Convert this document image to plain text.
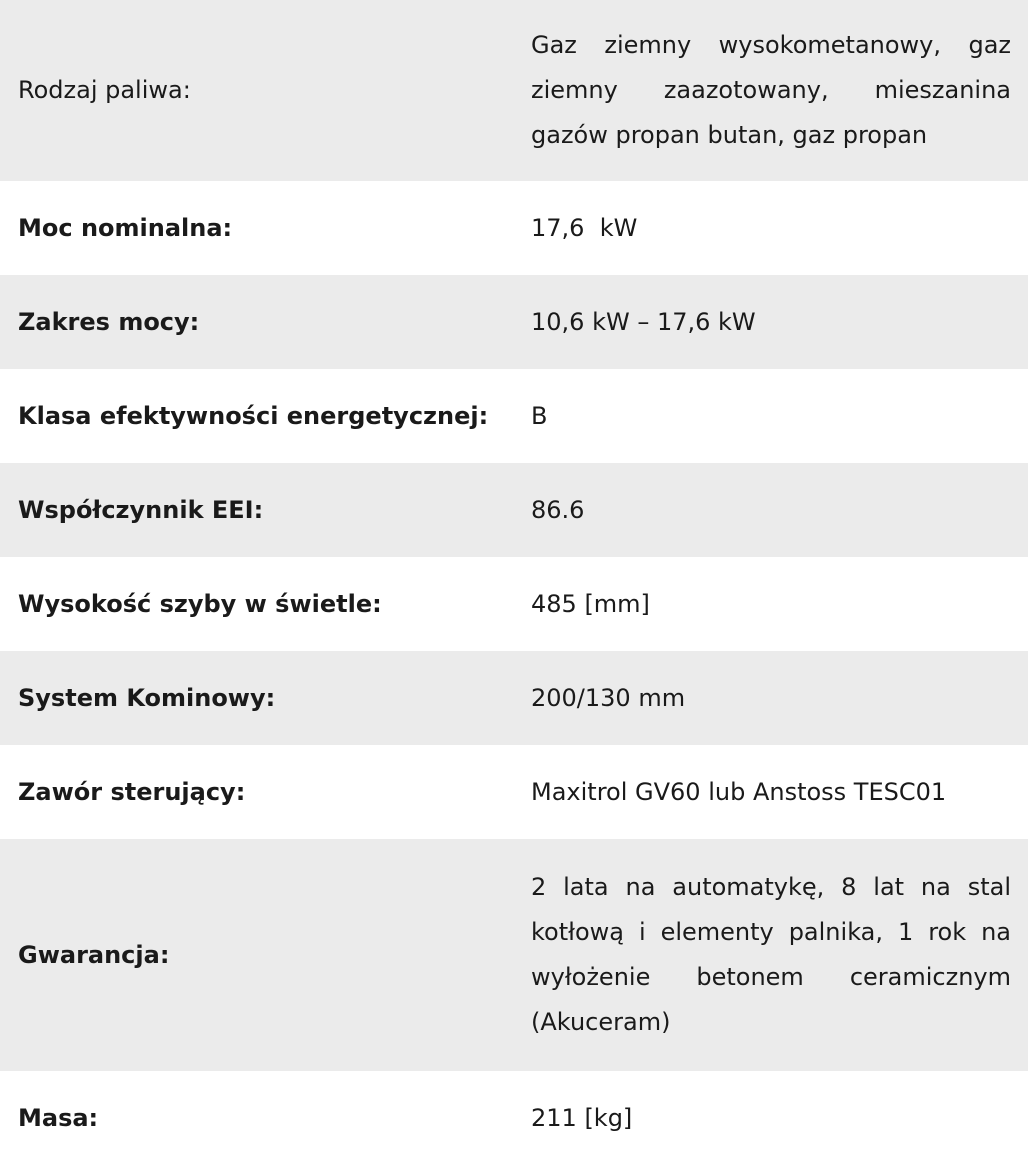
Rodzaj paliwa:
Gaz ziemny wysokometanowy, gaz ziemny zaazotowany, mieszanina gazów propan butan, gaz propan
Moc nominalna:	17,6  kW
Zakres mocy:	10,6 kW – 17,6 kW
Klasa efektywności energetycznej:	B
Współczynnik EEI:	86.6
Wysokość szyby w świetle:	485 [mm]
System Kominowy:	200/130 mm
Zawór sterujący:	Maxitrol GV60 lub Anstoss TESC01
Gwarancja:
2 lata na automatykę, 8 lat na stal kotłową i elementy palnika, 1 rok na wyłożenie betonem ceramicznym (Akuceram)
Masa:	211 [kg]
